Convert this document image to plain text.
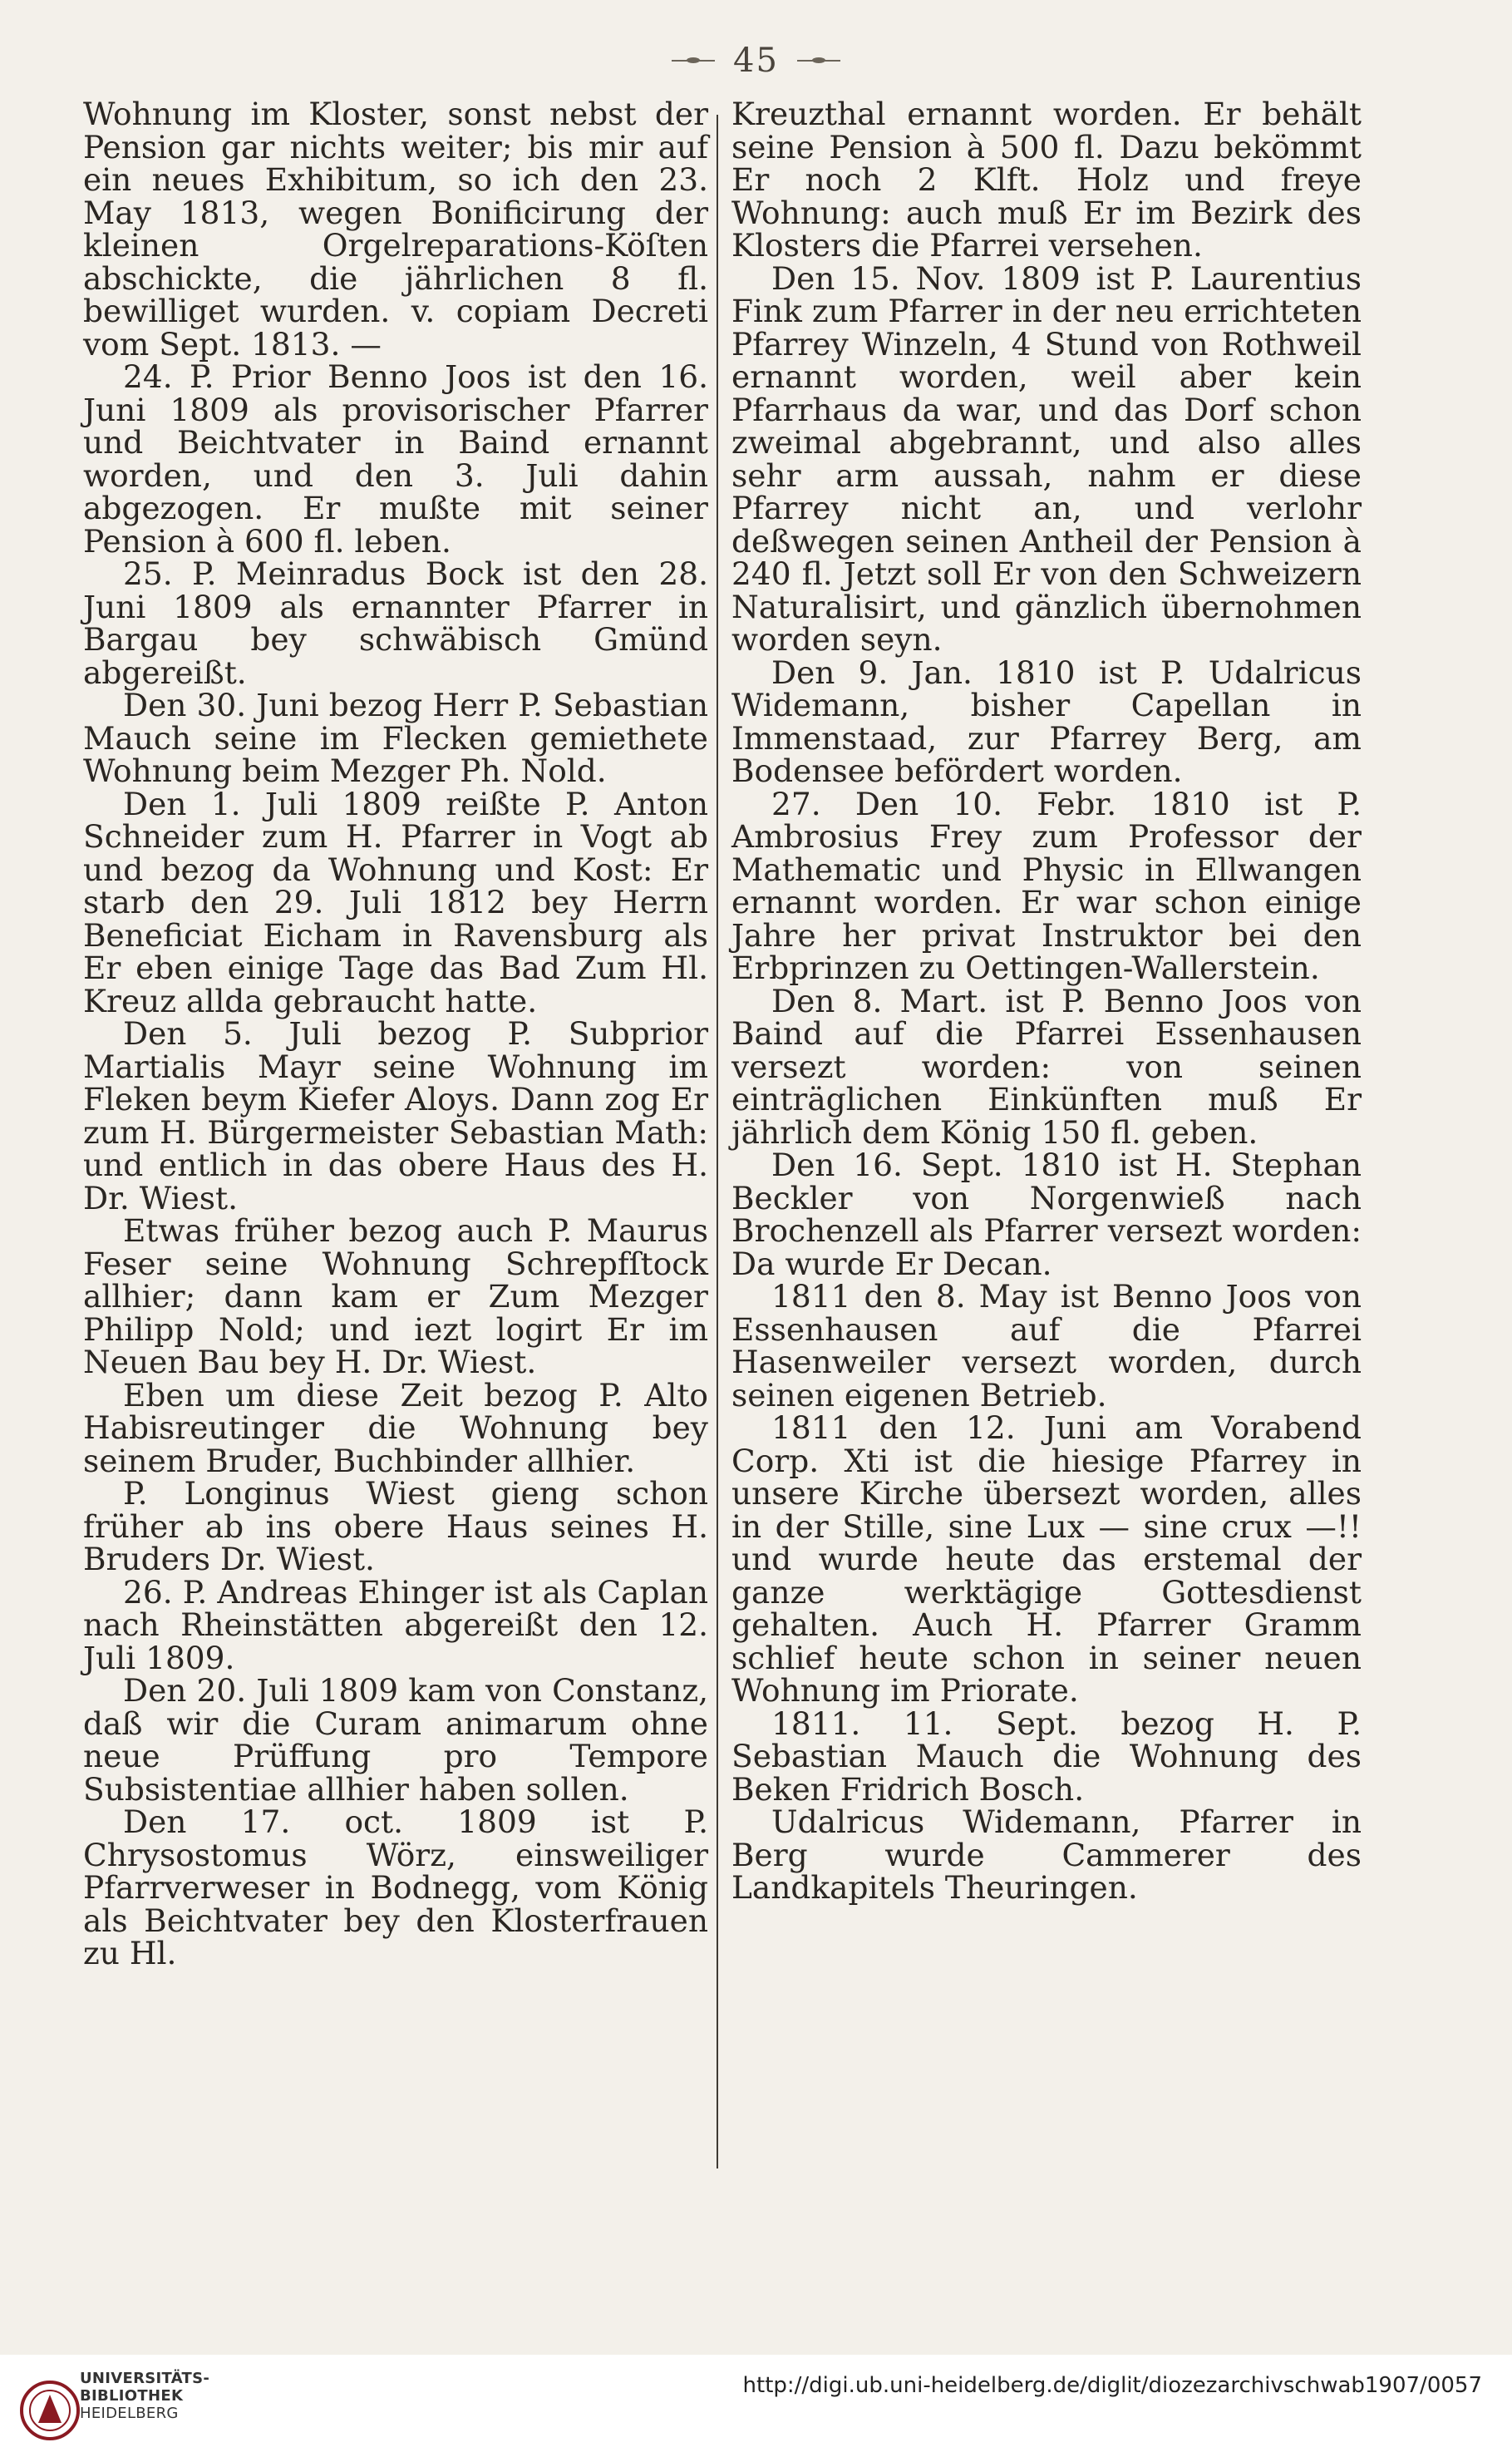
45

Wohnung im Kloster, sonst nebst der Pension gar nichts weiter; bis mir auf ein neues Exhibitum, so ich den 23. May 1813, wegen Bonificirung der kleinen Orgelreparations-Köſten abschickte, die jährlichen 8 fl. bewilliget wurden. v. copiam Decreti vom Sept. 1813. —

24. P. Prior Benno Joos ist den 16. Juni 1809 als provisorischer Pfarrer und Beichtvater in Baind ernannt worden, und den 3. Juli dahin abgezogen. Er mußte mit seiner Pension à 600 fl. leben.

25. P. Meinradus Bock ist den 28. Juni 1809 als ernannter Pfarrer in Bargau bey schwäbisch Gmünd abgereißt.

Den 30. Juni bezog Herr P. Sebastian Mauch seine im Flecken gemiethete Wohnung beim Mezger Ph. Nold.

Den 1. Juli 1809 reißte P. Anton Schneider zum H. Pfarrer in Vogt ab und bezog da Wohnung und Kost: Er starb den 29. Juli 1812 bey Herrn Beneficiat Eicham in Ravensburg als Er eben einige Tage das Bad Zum Hl. Kreuz allda gebraucht hatte.

Den 5. Juli bezog P. Subprior Martialis Mayr seine Wohnung im Fleken beym Kiefer Aloys. Dann zog Er zum H. Bürgermeister Sebastian Math: und entlich in das obere Haus des H. Dr. Wiest.

Etwas früher bezog auch P. Maurus Feser seine Wohnung Schrepfſtock allhier; dann kam er Zum Mezger Philipp Nold; und iezt logirt Er im Neuen Bau bey H. Dr. Wiest.

Eben um diese Zeit bezog P. Alto Habisreutinger die Wohnung bey seinem Bruder, Buchbinder allhier.

P. Longinus Wiest gieng schon früher ab ins obere Haus seines H. Bruders Dr. Wiest.

26. P. Andreas Ehinger ist als Caplan nach Rheinstätten abgereißt den 12. Juli 1809.

Den 20. Juli 1809 kam von Constanz, daß wir die Curam animarum ohne neue Prüffung pro Tempore Subsistentiae allhier haben sollen.

Den 17. oct. 1809 ist P. Chrysostomus Wörz, einsweiliger Pfarrverweser in Bodnegg, vom König als Beichtvater bey den Klosterfrauen zu Hl.

Kreuzthal ernannt worden. Er behält seine Pension à 500 fl. Dazu bekömmt Er noch 2 Klft. Holz und freye Wohnung: auch muß Er im Bezirk des Klosters die Pfarrei versehen.

Den 15. Nov. 1809 ist P. Laurentius Fink zum Pfarrer in der neu errichteten Pfarrey Winzeln, 4 Stund von Rothweil ernannt worden, weil aber kein Pfarrhaus da war, und das Dorf schon zweimal abgebrannt, und also alles sehr arm aussah, nahm er diese Pfarrey nicht an, und verlohr deßwegen seinen Antheil der Pension à 240 fl. Jetzt soll Er von den Schweizern Naturalisirt, und gänzlich übernohmen worden seyn.

Den 9. Jan. 1810 ist P. Udalricus Widemann, bisher Capellan in Immenstaad, zur Pfarrey Berg, am Bodensee befördert worden.

27. Den 10. Febr. 1810 ist P. Ambrosius Frey zum Professor der Mathematic und Physic in Ellwangen ernannt worden. Er war schon einige Jahre her privat Instruktor bei den Erbprinzen zu Oettingen-Wallerstein.

Den 8. Mart. ist P. Benno Joos von Baind auf die Pfarrei Essenhausen versezt worden: von seinen einträglichen Einkünften muß Er jährlich dem König 150 fl. geben.

Den 16. Sept. 1810 ist H. Stephan Beckler von Norgenwieß nach Brochenzell als Pfarrer versezt worden: Da wurde Er Decan.

1811 den 8. May ist Benno Joos von Essenhausen auf die Pfarrei Hasenweiler versezt worden, durch seinen eigenen Betrieb.

1811 den 12. Juni am Vorabend Corp. Xti ist die hiesige Pfarrey in unsere Kirche übersezt worden, alles in der Stille, sine Lux — sine crux —!! und wurde heute das erstemal der ganze werktägige Gottesdienst gehalten. Auch H. Pfarrer Gramm schlief heute schon in seiner neuen Wohnung im Priorate.

1811. 11. Sept. bezog H. P. Sebastian Mauch die Wohnung des Beken Fridrich Bosch.

Udalricus Widemann, Pfarrer in Berg wurde Cammerer des Landkapitels Theuringen.

UNIVERSITÄTS-
BIBLIOTHEK
HEIDELBERG
http://digi.ub.uni-heidelberg.de/diglit/diozezarchivschwab1907/0057
